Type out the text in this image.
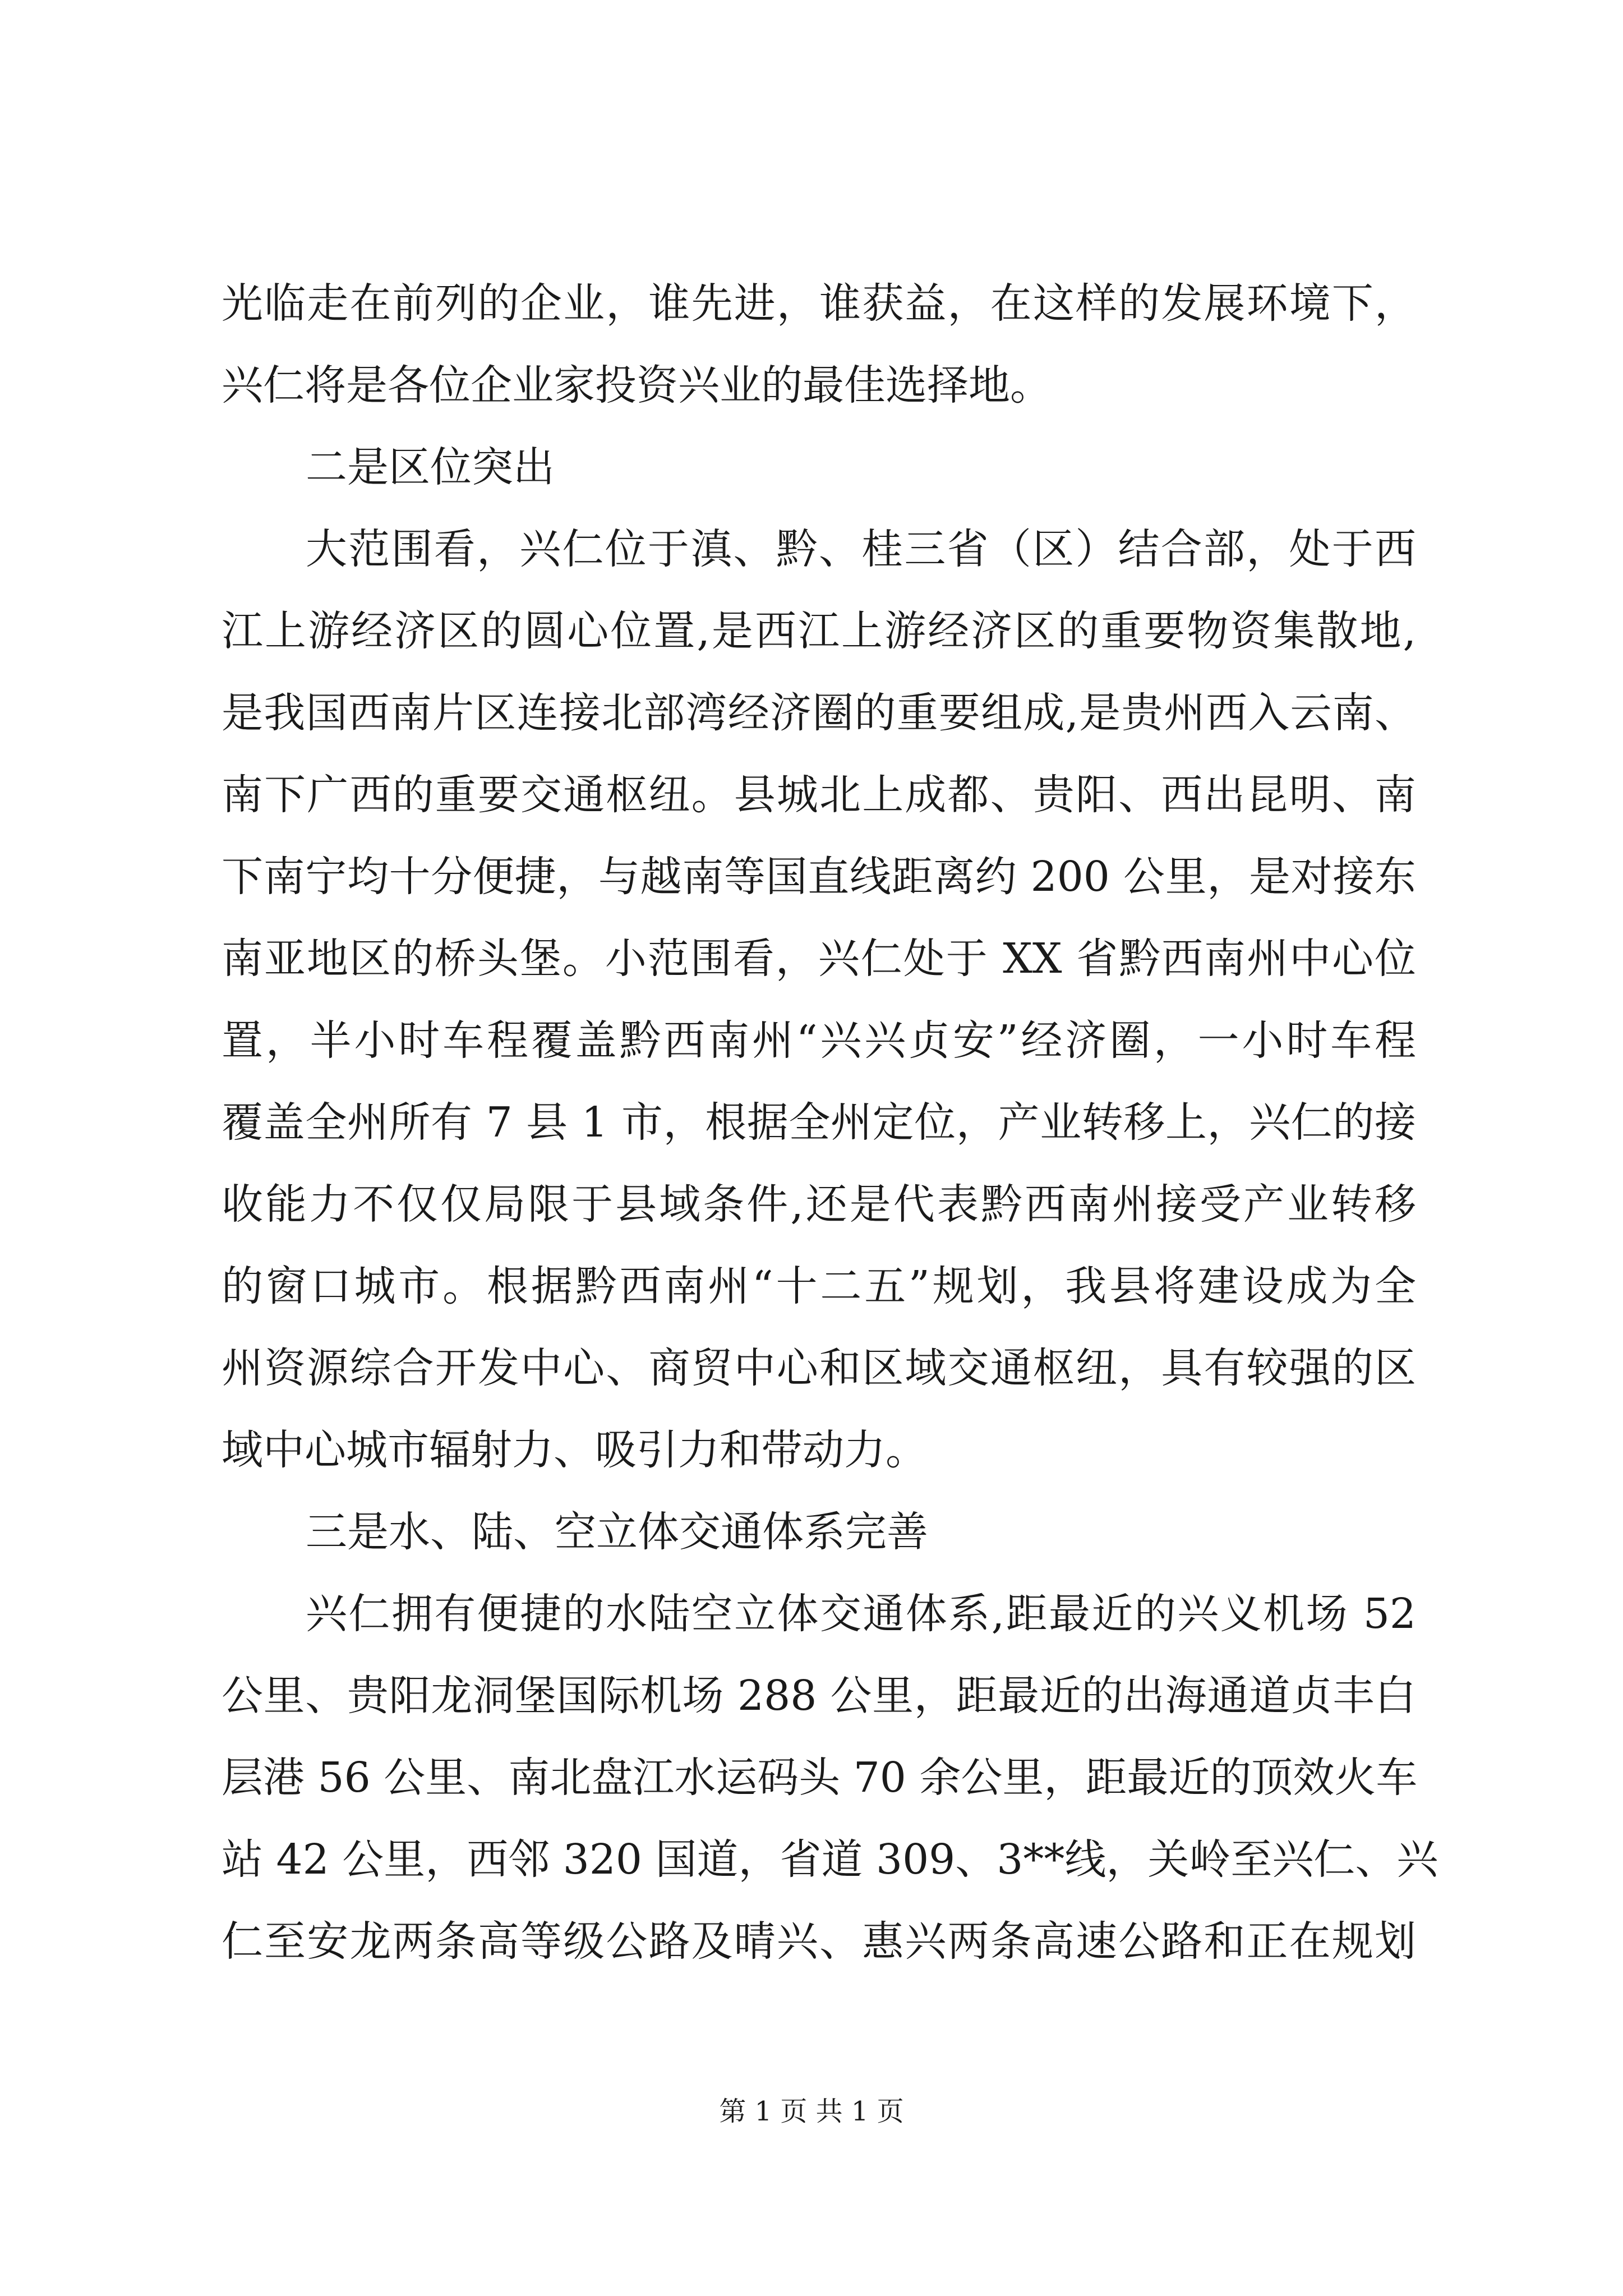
光临走在前列的企业，谁先进，谁获益，在这样的发展环境下，
兴仁将是各位企业家投资兴业的最佳选择地。
二是区位突出
大范围看，兴仁位于滇、黔、桂三省（区）结合部，处于西
江上游经济区的圆心位置,是西江上游经济区的重要物资集散地,
是我国西南片区连接北部湾经济圈的重要组成,是贵州西入云南、
南下广西的重要交通枢纽。县城北上成都、贵阳、西出昆明、南
下南宁均十分便捷，与越南等国直线距离约 200 公里，是对接东
南亚地区的桥头堡。小范围看，兴仁处于 XX 省黔西南州中心位
置，半小时车程覆盖黔西南州“兴兴贞安”经济圈，一小时车程
覆盖全州所有 7 县 1 市，根据全州定位，产业转移上，兴仁的接
收能力不仅仅局限于县域条件,还是代表黔西南州接受产业转移
的窗口城市。根据黔西南州“十二五”规划，我县将建设成为全
州资源综合开发中心、商贸中心和区域交通枢纽，具有较强的区
域中心城市辐射力、吸引力和带动力。
三是水、陆、空立体交通体系完善
兴仁拥有便捷的水陆空立体交通体系,距最近的兴义机场 52
公里、贵阳龙洞堡国际机场 288 公里，距最近的出海通道贞丰白
层港 56 公里、南北盘江水运码头 70 余公里，距最近的顶效火车
站 42 公里，西邻 320 国道，省道 309、3**线，关岭至兴仁、兴
仁至安龙两条高等级公路及晴兴、惠兴两条高速公路和正在规划
第 1 页 共 1 页
